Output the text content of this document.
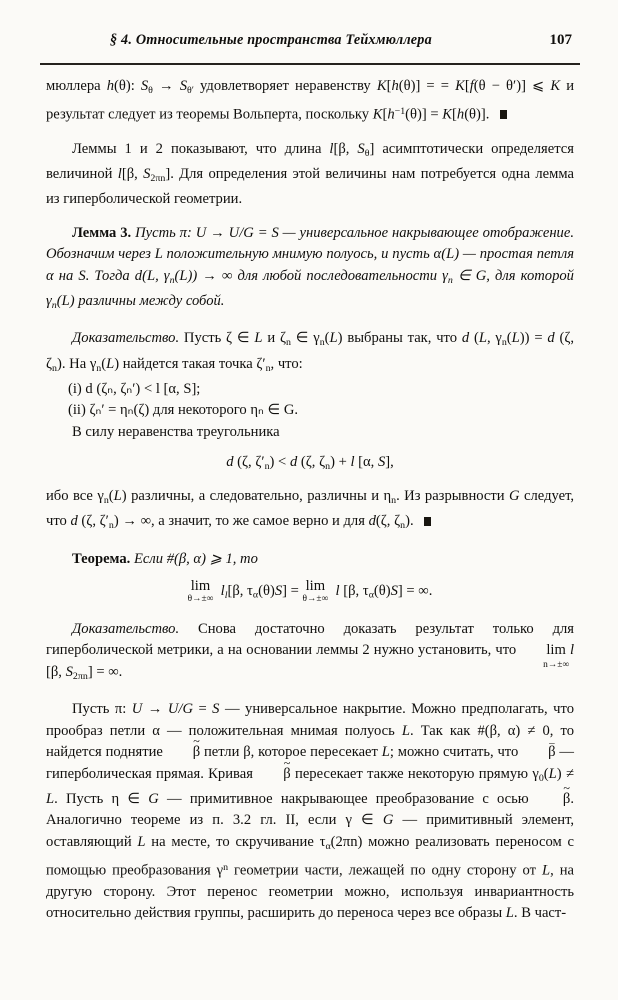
§ 4. Относительные пространства Тейхмюллера	107

мюллера h(θ): $S_\theta \to S_{\theta'}$ удовлетворяет неравенству K[h(θ)] = = K[f(θ − θ′)] ⩽ K и результат следует из теоремы Вольперта, поскольку $K[h^{-1}(\theta)] = K[h(\theta)]$.

Леммы 1 и 2 показывают, что длина l[β, $S_\theta$] асимптотически определяется величиной l[β, $S_{2\pi n}$]. Для определения этой величины нам потребуется одна лемма из гиперболической геометрии.

Лемма 3. Пусть π: U → U/G = S — универсальное накрывающее отображение. Обозначим через L положительную мнимую полуось, и пусть α(L) — простая петля α на S. Тогда d(L, $\gamma_n(L)$) → ∞ для любой последовательности $\gamma_n$ ∈ G, для которой $\gamma_n(L)$ различны между собой.

Доказательство. Пусть ζ ∈ L и $\zeta_n$ ∈ $\gamma_n(L)$ выбраны так, что d (L, $\gamma_n(L)) = d$ (ζ, $\zeta_n$). На $\gamma_n(L)$ найдется такая точка $\zeta'_n$, что:

(i) d (ζₙ, ζₙ′) < l [α, S];

(ii) ζₙ′ = ηₙ(ζ) для некоторого ηₙ ∈ G.

В силу неравенства треугольника

d (ζ, $\zeta'_n) < d$ (ζ, $\zeta_n) + l$ [α, S],

ибо все $\gamma_n(L)$ различны, а следовательно, различны и $\eta_n$. Из разрывности G следует, что d (ζ, $\zeta'_n$) → ∞, а значит, то же самое верно и для d(ζ, $\zeta_n$).

Теорема. Если #(β, α) ⩾ 1, то

lim
θ→±∞ $l_l[\beta$, $\tau_\alpha(\theta)S] = \lim$
θ→±∞ l [β, $\tau_\alpha(\theta)S$] = ∞.

Доказательство. Снова достаточно доказать результат только для гиперболической метрики, а на основании леммы 2 нужно установить, что lim
n→±∞
l [β, $S_{2\pi n}$] = ∞.

Пусть π: U → U/G = S — универсальное накрытие. Можно предполагать, что прообраз петли α — положительная мнимая полуось L. Так как #(β, α) ≠ 0, то найдется поднятие ~ β петли β, которое пересекает L; можно считать, что – β — гиперболическая прямая. Кривая ~ β пересекает также некоторую прямую $\gamma_0(L) \ne L$. Пусть η ∈ G — примитивное накрывающее преобразование с осью ~ β. Аналогично теореме из п. 3.2 гл. II, если γ ∈ G — примитивный элемент, оставляющий L на месте, то скручивание $\tau_\alpha(2\pi n)$ можно реализовать переносом с помощью преобразования $\gamma^n$ геометрии части, лежащей по одну сторону от L, на другую сторону. Этот перенос геометрии можно, используя инвариантность относительно действия группы, расширить до переноса через все образы L. В част-
